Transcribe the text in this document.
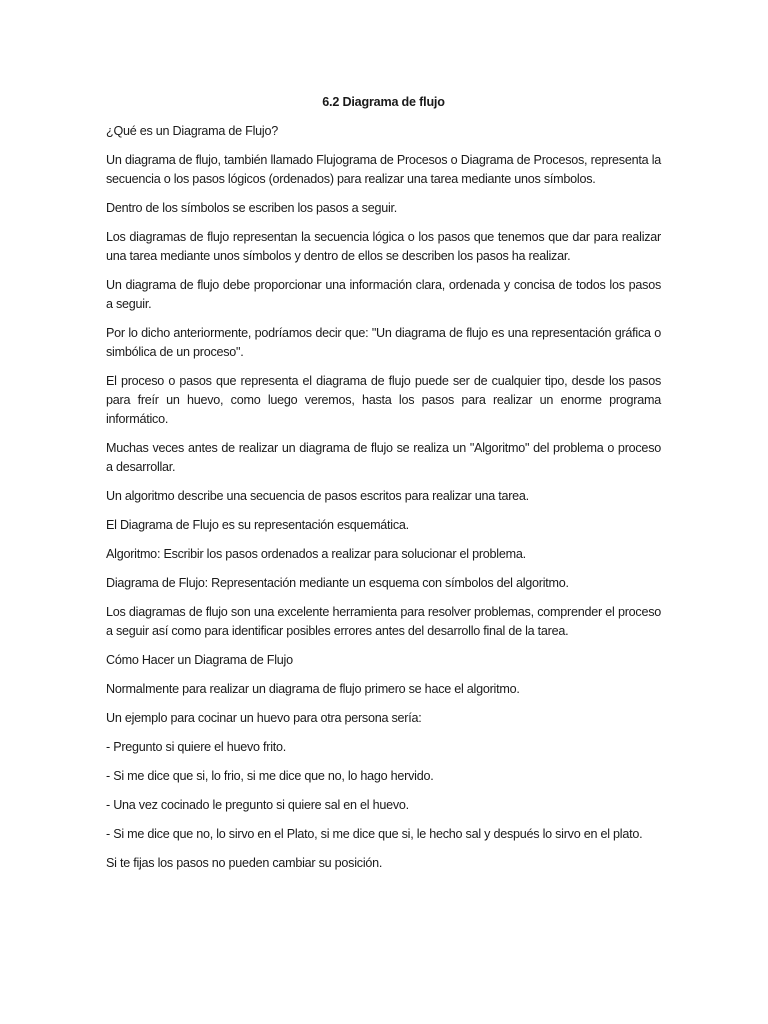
6.2 Diagrama de flujo

¿Qué es un Diagrama de Flujo?

Un diagrama de flujo, también llamado Flujograma de Procesos o Diagrama de Procesos, representa la secuencia o los pasos lógicos (ordenados) para realizar una tarea mediante unos símbolos.

Dentro de los símbolos se escriben los pasos a seguir.

Los diagramas de flujo representan la secuencia lógica o los pasos que tenemos que dar para realizar una tarea mediante unos símbolos y dentro de ellos se describen los pasos ha realizar.

Un diagrama de flujo debe proporcionar una información clara, ordenada y concisa de todos los pasos a seguir.

Por lo dicho anteriormente, podríamos decir que: "Un diagrama de flujo es una representación gráfica o simbólica de un proceso".

El proceso o pasos que representa el diagrama de flujo puede ser de cualquier tipo, desde los pasos para freír un huevo, como luego veremos, hasta los pasos para realizar un enorme programa informático.

Muchas veces antes de realizar un diagrama de flujo se realiza un "Algoritmo" del problema o proceso a desarrollar.

Un algoritmo describe una secuencia de pasos escritos para realizar una tarea.

El Diagrama de Flujo es su representación esquemática.

Algoritmo: Escribir los pasos ordenados a realizar para solucionar el problema.

Diagrama de Flujo: Representación mediante un esquema con símbolos del algoritmo.

Los diagramas de flujo son una excelente herramienta para resolver problemas, comprender el proceso a seguir así como para identificar posibles errores antes del desarrollo final de la tarea.

Cómo Hacer un Diagrama de Flujo

Normalmente para realizar un diagrama de flujo primero se hace el algoritmo.

Un ejemplo para cocinar un huevo para otra persona sería:

- Pregunto si quiere el huevo frito.

- Si me dice que si, lo frio, si me dice que no, lo hago hervido.

- Una vez cocinado le pregunto si quiere sal en el huevo.

- Si me dice que no, lo sirvo en el Plato, si me dice que si, le hecho sal y después lo sirvo en el plato.

Si te fijas los pasos no pueden cambiar su posición.
